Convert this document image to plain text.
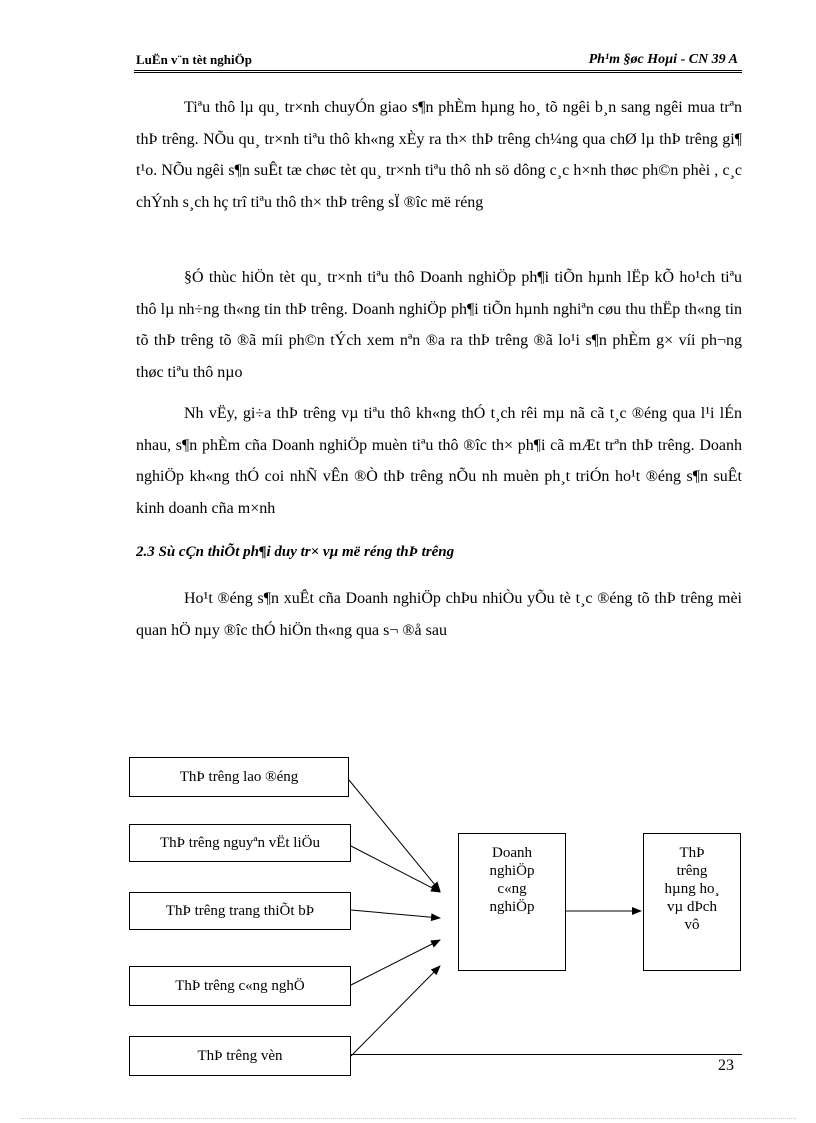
LuËn v¨n tèt nghiÖp	Ph¹m §øc Hoµi - CN 39 A

Tiªu thô lµ qu¸ tr×nh chuyÓn giao s¶n phÈm hµng ho¸ tõ ngêi b¸n sang ngêi mua trªn thÞ trêng. NÕu qu¸ tr×nh tiªu thô kh«ng xÈy ra th× thÞ trêng ch¼ng qua chØ lµ thÞ trêng gi¶ t¹o. NÕu ngêi s¶n suÊt tæ chøc tèt qu¸ tr×nh tiªu thô nh sö dông c¸c h×nh thøc ph©n phèi , c¸c chÝnh s¸ch hç trî tiªu thô th× thÞ trêng sÏ ®îc më réng

§Ó thùc hiÖn tèt qu¸ tr×nh tiªu thô Doanh nghiÖp ph¶i tiÕn hµnh lËp kÕ ho¹ch tiªu thô lµ nh÷ng th«ng tin thÞ trêng. Doanh nghiÖp ph¶i tiÕn hµnh nghiªn cøu thu thËp th«ng tin tõ thÞ trêng tõ ®ã míi ph©n tÝch xem nªn ®a ra thÞ trêng ®ã lo¹i s¶n phÈm g× víi ph¬ng thøc tiªu thô nµo

Nh vËy, gi÷a thÞ trêng vµ tiªu thô kh«ng thÓ t¸ch rêi mµ nã cã t¸c ®éng qua l¹i lÉn nhau, s¶n phÈm cña Doanh nghiÖp muèn tiªu thô ®îc th× ph¶i cã mÆt trªn thÞ trêng. Doanh nghiÖp kh«ng thÓ coi nhÑ vÊn ®Ò thÞ trêng nÕu nh muèn ph¸t triÓn ho¹t ®éng s¶n suÊt kinh doanh cña m×nh

2.3 Sù cÇn thiÕt ph¶i duy tr× vµ më réng thÞ trêng

Ho¹t ®éng s¶n xuÊt cña Doanh nghiÖp chÞu nhiÒu yÕu tè t¸c ®éng tõ thÞ trêng mèi quan hÖ nµy ®îc thÓ hiÖn th«ng qua s¬ ®å sau

ThÞ trêng lao ®éng
ThÞ trêng nguyªn vËt liÖu
ThÞ trêng trang thiÕt bÞ
ThÞ trêng c«ng nghÖ
ThÞ trêng vèn
Doanh
nghiÖp
c«ng
nghiÖp
ThÞ
trêng
hµng ho¸
vµ dÞch
vô
23
